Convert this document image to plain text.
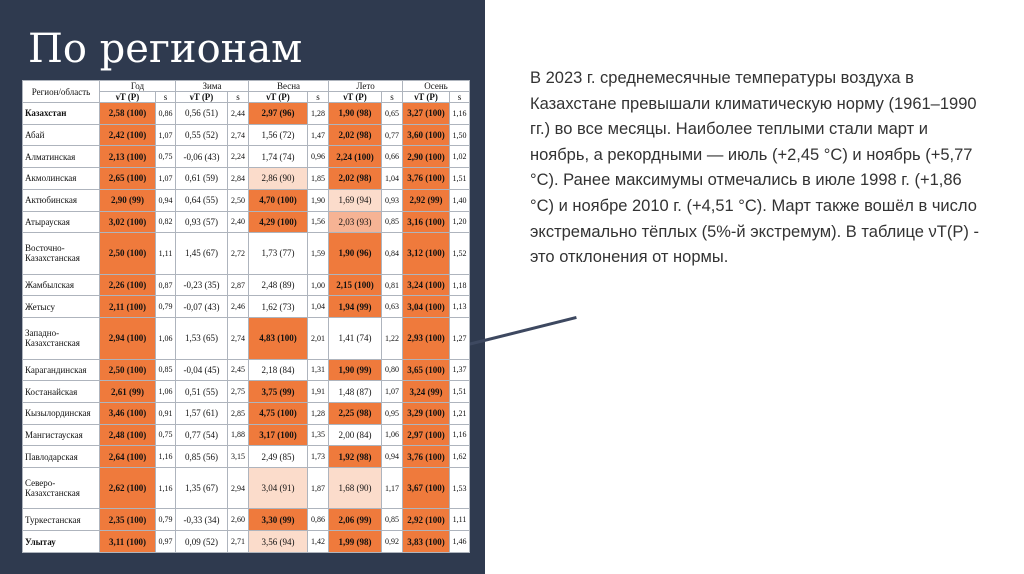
По регионам
Регион/область	Год		Зима		Весна		Лето		Осень	
	νT (P)	s	νT (P)	s	νT (P)	s	νT (P)	s	νT (P)	s
Казахстан	2,58 (100)	0,86	0,56 (51)	2,44	2,97 (96)	1,28	1,90 (98)	0,65	3,27 (100)	1,16
Абай	2,42 (100)	1,07	0,55 (52)	2,74	1,56 (72)	1,47	2,02 (98)	0,77	3,60 (100)	1,50
Алматинская	2,13 (100)	0,75	-0,06 (43)	2,24	1,74 (74)	0,96	2,24 (100)	0,66	2,90 (100)	1,02
Акмолинская	2,65 (100)	1,07	0,61 (59)	2,84	2,86 (90)	1,85	2,02 (98)	1,04	3,76 (100)	1,51
Актюбинская	2,90 (99)	0,94	0,64 (55)	2,50	4,70 (100)	1,90	1,69 (94)	0,93	2,92 (99)	1,40
Атырауская	3,02 (100)	0,82	0,93 (57)	2,40	4,29 (100)	1,56	2,03 (93)	0,85	3,16 (100)	1,20
Восточно-Казахстанская	2,50 (100)	1,11	1,45 (67)	2,72	1,73 (77)	1,59	1,90 (96)	0,84	3,12 (100)	1,52
Жамбылская	2,26 (100)	0,87	-0,23 (35)	2,87	2,48 (89)	1,00	2,15 (100)	0,81	3,24 (100)	1,18
Жетысу	2,11 (100)	0,79	-0,07 (43)	2,46	1,62 (73)	1,04	1,94 (99)	0,63	3,04 (100)	1,13
Западно-Казахстанская	2,94 (100)	1,06	1,53 (65)	2,74	4,83 (100)	2,01	1,41 (74)	1,22	2,93 (100)	1,27
Карагандинская	2,50 (100)	0,85	-0,04 (45)	2,45	2,18 (84)	1,31	1,90 (99)	0,80	3,65 (100)	1,37
Костанайская	2,61 (99)	1,06	0,51 (55)	2,75	3,75 (99)	1,91	1,48 (87)	1,07	3,24 (99)	1,51
Кызылординская	3,46 (100)	0,91	1,57 (61)	2,85	4,75 (100)	1,28	2,25 (98)	0,95	3,29 (100)	1,21
Мангистауская	2,48 (100)	0,75	0,77 (54)	1,88	3,17 (100)	1,35	2,00 (84)	1,06	2,97 (100)	1,16
Павлодарская	2,64 (100)	1,16	0,85 (56)	3,15	2,49 (85)	1,73	1,92 (98)	0,94	3,76 (100)	1,62
Северо-Казахстанская	2,62 (100)	1,16	1,35 (67)	2,94	3,04 (91)	1,87	1,68 (90)	1,17	3,67 (100)	1,53
Туркестанская	2,35 (100)	0,79	-0,33 (34)	2,60	3,30 (99)	0,86	2,06 (99)	0,85	2,92 (100)	1,11
Улытау	3,11 (100)	0,97	0,09 (52)	2,71	3,56 (94)	1,42	1,99 (98)	0,92	3,83 (100)	1,46

В 2023 г. среднемесячные температуры воздуха в Казахстане превышали климатическую норму (1961–1990 гг.) во все месяцы. Наиболее теплыми стали март и ноябрь, а рекордными — июль (+2,45 °С) и ноябрь (+5,77 °С). Ранее максимумы отмечались в июле 1998 г. (+1,86 °С) и ноябре 2010 г. (+4,51 °С). Март также вошёл в число экстремально тёплых (5%-й экстремум). В таблице νT(P) - это отклонения от нормы.
